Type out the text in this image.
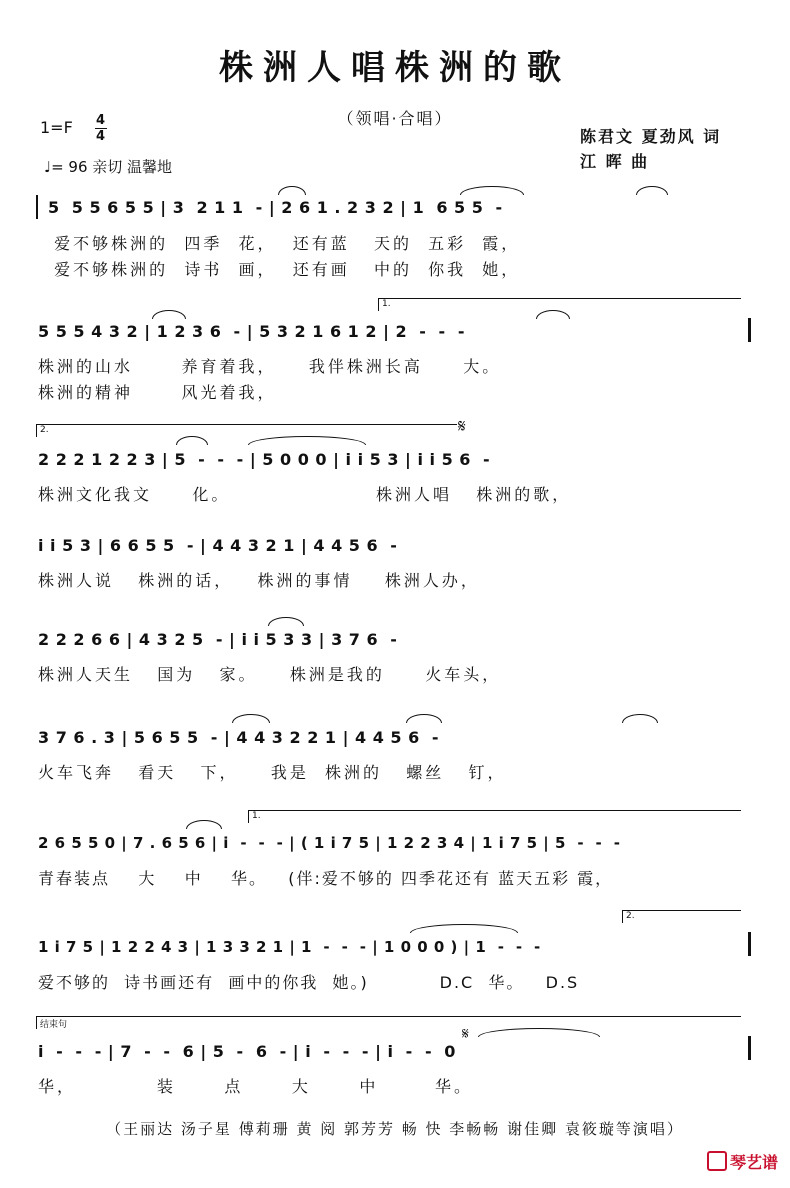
株洲人唱株洲的歌
（领唱·合唱）
1=F 4
4
♩= 96 亲切 温馨地
陈君文 夏劲风 词
江 晖 曲
5  5 5 6 5 5 | 3  2 1 1  - | 2 6 1 . 2 3 2 | 1  6 5 5  -
爱不够株洲的  四季  花，  还有蓝   天的  五彩  霞，
爱不够株洲的  诗书  画，  还有画   中的  你我  她，
1.
5 5 5 4 3 2 | 1 2 3 6  - | 5 3 2 1 6 1 2 | 2  -  -  -
株洲的山水      养育着我，    我伴株洲长高     大。
株洲的精神      风光着我，
2.	𝄋
2 2 2 1 2 2 3 | 5  -  -  - | 5 0 0 0 | i i 5 3 | i i 5 6  -
株洲文化我文     化。                  株洲人唱   株洲的歌，
i i 5 3 | 6 6 5 5  - | 4 4 3 2 1 | 4 4 5 6  -
株洲人说   株洲的话，   株洲的事情    株洲人办，
2 2 2 6 6 | 4 3 2 5  - | i i 5 3 3 | 3 7 6  -
株洲人天生   国为   家。    株洲是我的     火车头，
3 7 6 . 3 | 5 6 5 5  - | 4 4 3 2 2 1 | 4 4 5 6  -
火车飞奔   看天   下，    我是  株洲的   螺丝   钉，
1.
2 6 5 5 0 | 7 . 6 5 6 | i  -  -  - | ( 1 i 7 5 | 1 2 2 3 4 | 1 i 7 5 | 5  -  -  -
青春装点    大    中    华。   (伴:爱不够的 四季花还有 蓝天五彩 霞，
2.
1 i 7 5 | 1 2 2 4 3 | 1 3 3 2 1 | 1  -  -  - | 1 0 0 0 ) | 1  -  -  -
爱不够的  诗书画还有  画中的你我  她。)          D.C  华。   D.S
结束句	𝄋
i  -  -  - | 7  -  -  6 | 5  -  6  - | i  -  -  - | i  -  -  0
华，          装      点      大      中       华。
（王丽达 汤子星 傅莉珊 黄 阅 郭芳芳 畅 快 李畅畅 谢佳卿 袁筱璇等演唱）
琴艺谱
